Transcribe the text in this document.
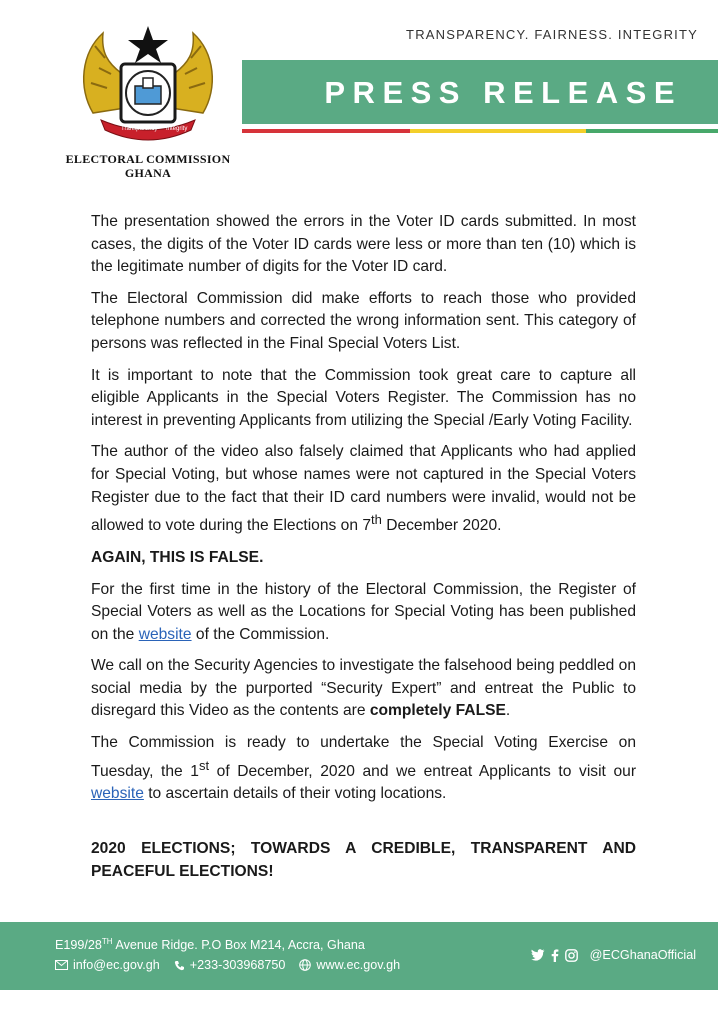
Transparency Integrity
ELECTORAL COMMISSION
GHANA
TRANSPARENCY. FAIRNESS. INTEGRITY
PRESS RELEASE

The presentation showed the errors in the Voter ID cards submitted. In most cases, the digits of the Voter ID cards were less or more than ten (10) which is the legitimate number of digits for the Voter ID card.

The Electoral Commission did make efforts to reach those who provided telephone numbers and corrected the wrong information sent. This category of persons was reflected in the Final Special Voters List.

It is important to note that the Commission took great care to capture all eligible Applicants in the Special Voters Register. The Commission has no interest in preventing Applicants from utilizing the Special /Early Voting Facility.

The author of the video also falsely claimed that Applicants who had applied for Special Voting, but whose names were not captured in the Special Voters Register due to the fact that their ID card numbers were invalid, would not be allowed to vote during the Elections on 7th December 2020.

AGAIN, THIS IS FALSE.

For the first time in the history of the Electoral Commission, the Register of Special Voters as well as the Locations for Special Voting has been published on the website of the Commission.

We call on the Security Agencies to investigate the falsehood being peddled on social media by the purported “Security Expert” and entreat the Public to disregard this Video as the contents are completely FALSE.

The Commission is ready to undertake the Special Voting Exercise on Tuesday, the 1st of December, 2020 and we entreat Applicants to visit our website to ascertain details of their voting locations.

2020 ELECTIONS; TOWARDS A CREDIBLE, TRANSPARENT AND PEACEFUL ELECTIONS!

E199/28TH Avenue Ridge. P.O Box M214, Accra, Ghana
info@ec.gov.gh +233-303968750 www.ec.gov.gh
@ECGhanaOfficial
